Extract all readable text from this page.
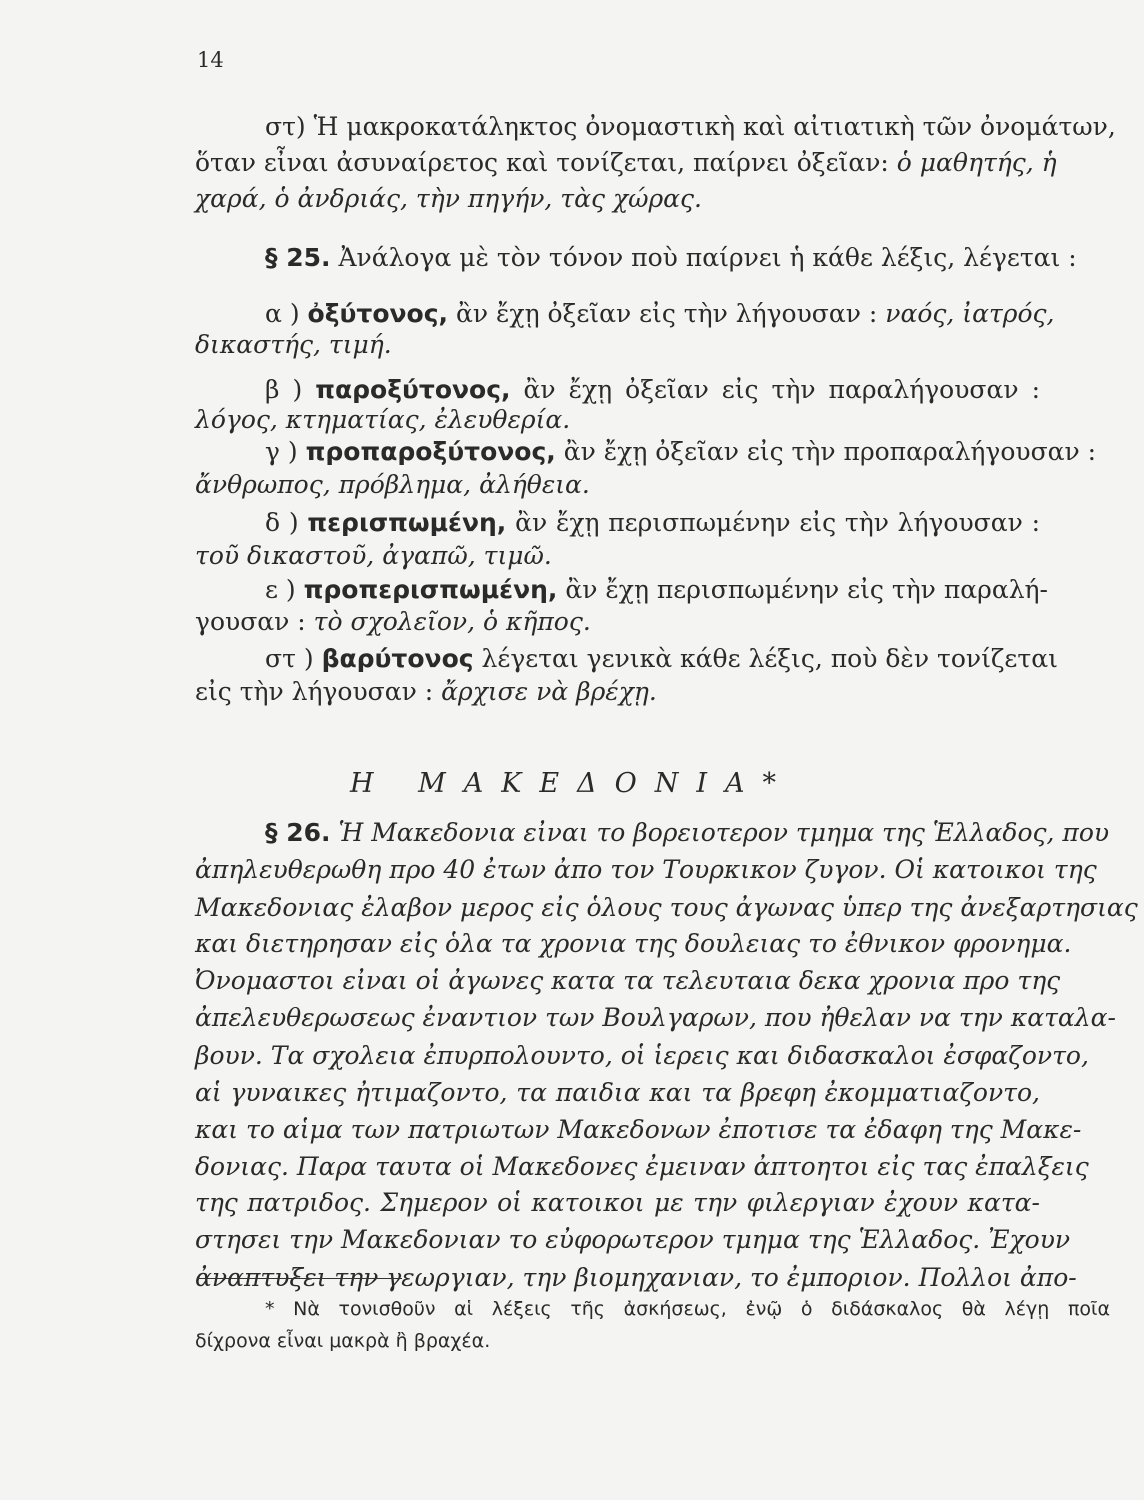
14
στ) Ἡ μακροκατάληκτος ὀνομαστικὴ καὶ αἰτιατικὴ τῶν ὀνομάτων,
ὅταν εἶναι ἀσυναίρετος καὶ τονίζεται, παίρνει ὀξεῖαν: ὁ μαθητής, ἡ
χαρά, ὁ ἀνδριάς, τὴν πηγήν, τὰς χώρας.
§ 25. Ἀνάλογα μὲ τὸν τόνον ποὺ παίρνει ἡ κάθε λέξις, λέγεται :
α ) ὀξύτονος, ἂν ἔχῃ ὀξεῖαν εἰς τὴν λήγουσαν : ναός, ἰατρός,
δικαστής, τιμή.
β ) παροξύτονος, ἂν ἔχῃ ὀξεῖαν εἰς τὴν παραλήγουσαν :
λόγος, κτηματίας, ἐλευθερία.
γ ) προπαροξύτονος, ἂν ἔχῃ ὀξεῖαν εἰς τὴν προπαραλήγουσαν :
ἄνθρωπος, πρόβλημα, ἀλήθεια.
δ ) περισπωμένη, ἂν ἔχῃ περισπωμένην εἰς τὴν λήγουσαν :
τοῦ δικαστοῦ, ἀγαπῶ, τιμῶ.
ε ) προπερισπωμένη, ἂν ἔχῃ περισπωμένην εἰς τὴν παραλή-
γουσαν : τὸ σχολεῖον, ὁ κῆπος.
στ ) βαρύτονος λέγεται γενικὰ κάθε λέξις, ποὺ δὲν τονίζεται
εἰς τὴν λήγουσαν : ἄρχισε νὰ βρέχῃ.
Η ΜΑΚΕΔΟΝΙΑ*
§ 26. Ἡ Μακεδονια εἰναι το βορειοτερον τμημα της Ἑλλαδος, που
ἀπηλευθερωθη προ 40 ἐτων ἀπο τον Τουρκικον ζυγον. Οἱ κατοικοι της
Μακεδονιας ἐλαβον μερος εἰς ὁλους τους ἀγωνας ὑπερ της ἀνεξαρτησιας
και διετηρησαν εἰς ὁλα τα χρονια της δουλειας το ἐθνικον φρονημα.
Ὀνομαστοι εἰναι οἱ ἀγωνες κατα τα τελευταια δεκα χρονια προ της
ἀπελευθερωσεως ἐναντιον των Βουλγαρων, που ἠθελαν να την καταλα-
βουν. Τα σχολεια ἐπυρπολουντο, οἱ ἱερεις και διδασκαλοι ἐσφαζοντο,
αἱ γυναικες ἠτιμαζοντο, τα παιδια και τα βρεφη ἐκομματιαζοντο,
και το αἱμα των πατριωτων Μακεδονων ἐποτισε τα ἐδαφη της Μακε-
δονιας. Παρα ταυτα οἱ Μακεδονες ἐμειναν ἀπτοητοι εἰς τας ἐπαλξεις
της πατριδος. Σημερον οἱ κατοικοι με την φιλεργιαν ἐχουν κατα-
στησει την Μακεδονιαν το εὐφορωτερον τμημα της Ἑλλαδος. Ἐχουν
ἀναπτυξει την γεωργιαν, την βιομηχανιαν, το ἐμποριον. Πολλοι ἀπο-
* Νὰ τονισθοῦν αἱ λέξεις τῆς ἀσκήσεως, ἐνῷ ὁ διδάσκαλος θὰ λέγῃ ποῖα
δίχρονα εἶναι μακρὰ ἢ βραχέα.
